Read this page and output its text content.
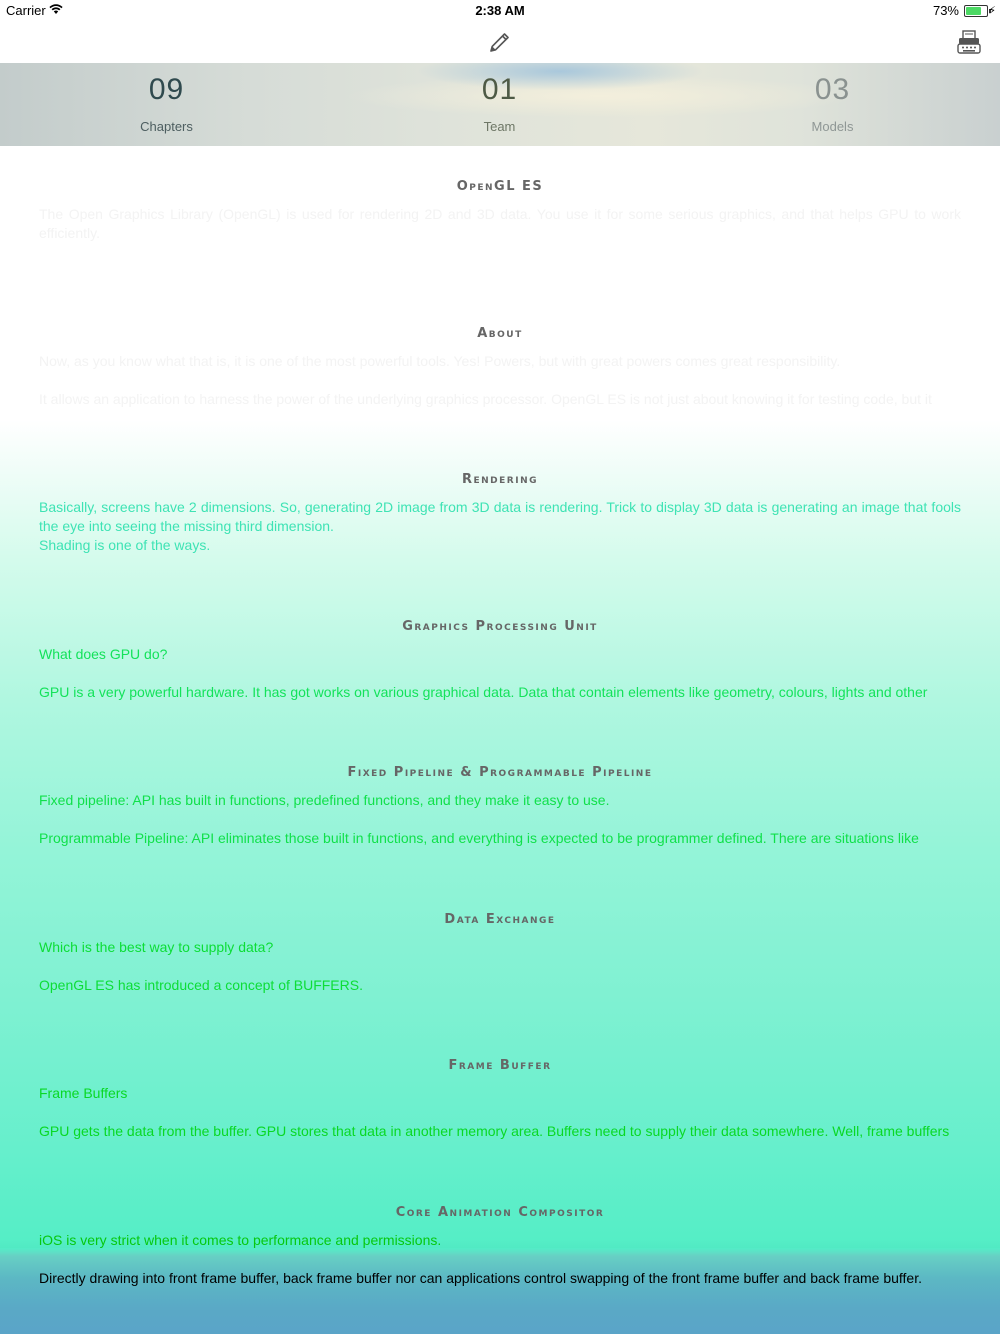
Carrier	2:38 AM	73%	⚡
09
Chapters
01
Team
03
Models
OpenGL ES
The Open Graphics Library (OpenGL) is used for rendering 2D and 3D data. You use it for some serious graphics, and that helps GPU to work efficiently.
About
Now, as you know what that is, it is one of the most powerful tools. Yes! Powers, but with great powers comes great responsibility.
It allows an application to harness the power of the underlying graphics processor. OpenGL ES is not just about knowing it for testing code, but it
Rendering
Basically, screens have 2 dimensions. So, generating 2D image from 3D data is rendering. Trick to display 3D data is generating an image that fools the eye into seeing the missing third dimension.
Shading is one of the ways.
Graphics Processing Unit
What does GPU do?
GPU is a very powerful hardware. It has got works on various graphical data. Data that contain elements like geometry, colours, lights and other
Fixed Pipeline & Programmable Pipeline
Fixed pipeline: API has built in functions, predefined functions, and they make it easy to use.
Programmable Pipeline: API eliminates those built in functions, and everything is expected to be programmer defined. There are situations like
Data Exchange
Which is the best way to supply data?
OpenGL ES has introduced a concept of BUFFERS.
Frame Buffer
Frame Buffers
GPU gets the data from the buffer. GPU stores that data in another memory area. Buffers need to supply their data somewhere. Well, frame buffers
Core Animation Compositor
iOS is very strict when it comes to performance and permissions.
Directly drawing into front frame buffer, back frame buffer nor can applications control swapping of the front frame buffer and back frame buffer.
